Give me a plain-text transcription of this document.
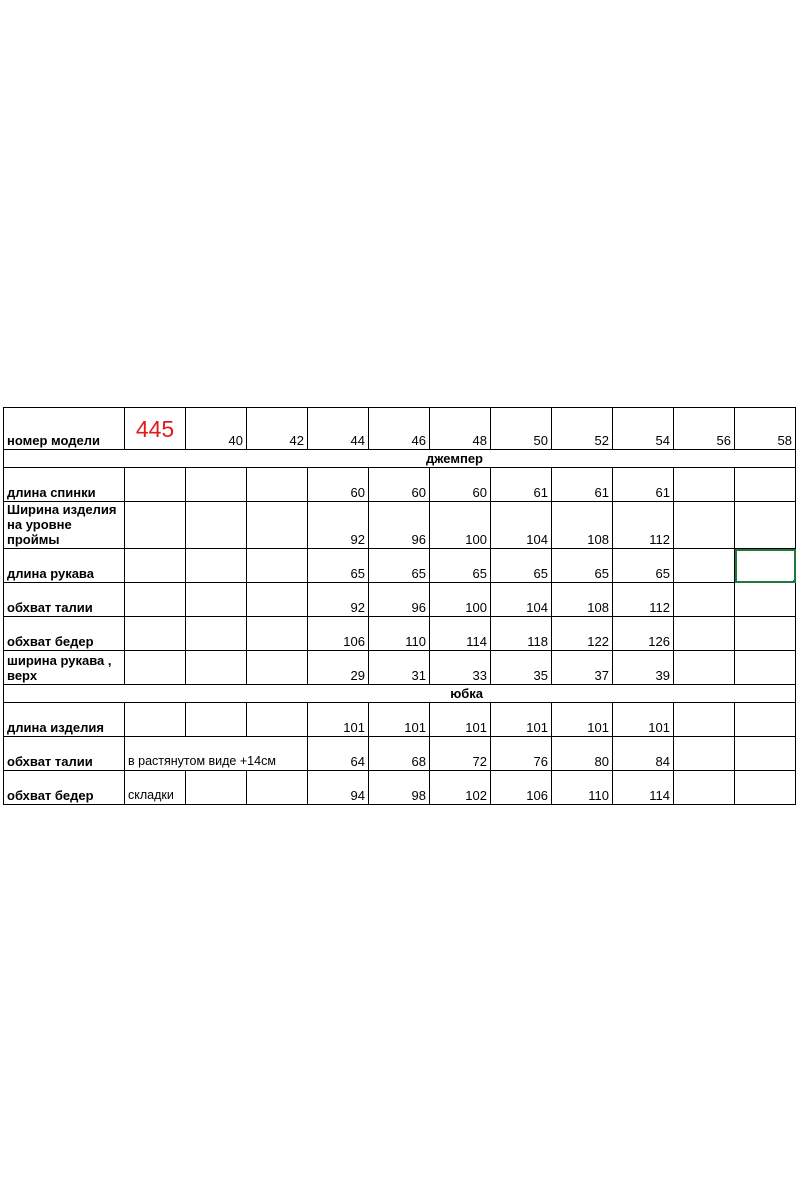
номер модели	445	40	42	44	46	48	50	52	54	56	58
джемпер											
длина спинки				60	60	60	61	61	61		
Ширина изделия на уровне проймы				92	96	100	104	108	112		
длина рукава				65	65	65	65	65	65		
обхват талии				92	96	100	104	108	112		
обхват бедер				106	110	114	118	122	126		
ширина рукава , верх				29	31	33	35	37	39		
юбка											
длина изделия				101	101	101	101	101	101		
обхват талии	в растянутом виде +14см			64	68	72	76	80	84		
обхват бедер	складки			94	98	102	106	110	114		
